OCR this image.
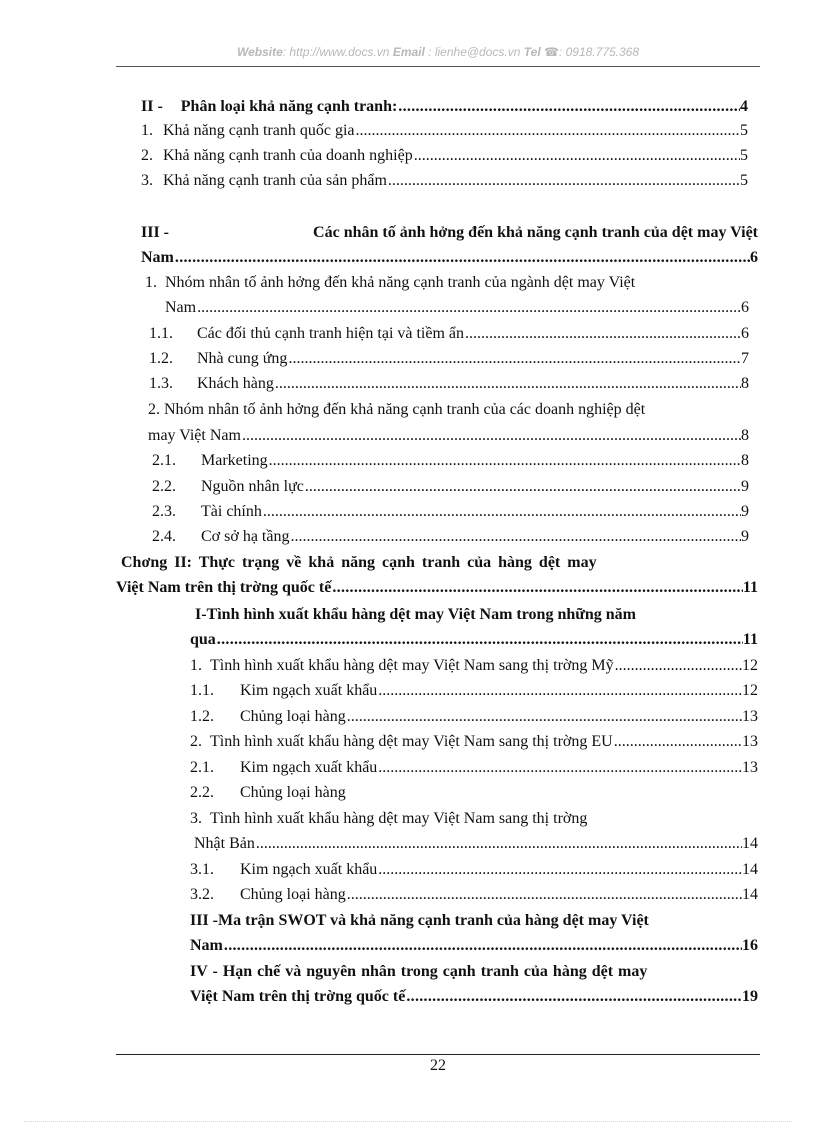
Website: http://www.docs.vn Email : lienhe@docs.vn Tel ☎: 0918.775.368
II - Phân loại khả năng cạnh tranh: .....	4
1. Khả năng cạnh tranh quốc gia .....	5
2. Khả năng cạnh tranh của doanh nghiệp .....	5
3. Khả năng cạnh tranh của sản phẩm .....	5
III -	Các nhân tố ảnh hởng đến khả năng cạnh tranh của dệt may Việt
Nam .....	6
1. Nhóm nhân tố ảnh hởng đến khả năng cạnh tranh của ngành dệt may Việt
Nam .....	6
1.1.	Các đối thủ cạnh tranh hiện tại và tiềm ẩn .....	6
1.2.	Nhà cung ứng .....	7
1.3.	Khách hàng .....	8
2. Nhóm nhân tố ảnh hởng đến khả năng cạnh tranh của các doanh nghiệp dệt
may Việt Nam .....	8
2.1.	Marketing .....	8
2.2.	Nguồn nhân lực .....	9
2.3.	Tài chính .....	9
2.4.	Cơ sở hạ tầng .....	9
Chơng II: Thực trạng về khả năng cạnh tranh của hàng dệt may
Việt Nam trên thị trờng quốc tế .....	11
I-Tình hình xuất khẩu hàng dệt may Việt Nam trong những năm
qua .....	11
1. Tình hình xuất khẩu hàng dệt may Việt Nam sang thị trờng Mỹ .....	12
1.1.	Kim ngạch xuất khẩu .....	12
1.2.	Chủng loại hàng .....	13
2. Tình hình xuất khẩu hàng dệt may Việt Nam sang thị trờng EU .....	13
2.1.	Kim ngạch xuất khẩu .....	13
2.2.	Chủng loại hàng
3. Tình hình xuất khẩu hàng dệt may Việt Nam sang thị trờng
Nhật Bản .....	14
3.1.	Kim ngạch xuất khẩu .....	14
3.2.	Chủng loại hàng .....	14
III -Ma trận SWOT và khả năng cạnh tranh của hàng dệt may Việt
Nam .....	16
IV - Hạn chế và nguyên nhân trong cạnh tranh của hàng dệt may
Việt Nam trên thị trờng quốc tế .....	19
22
